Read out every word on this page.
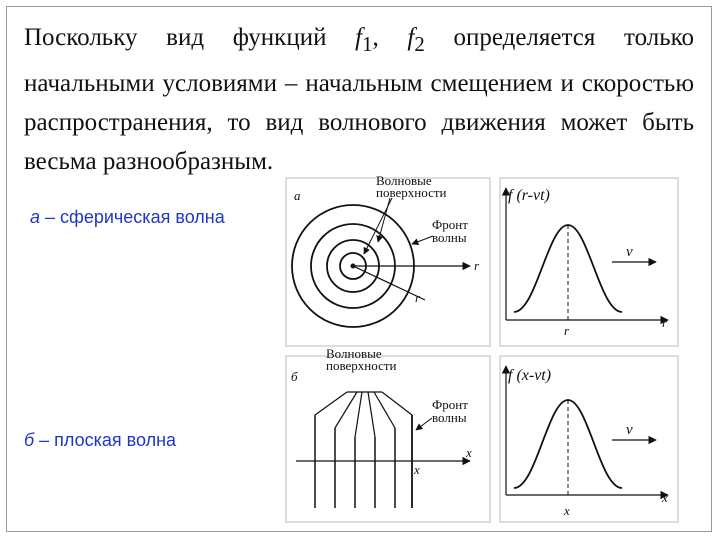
Поскольку вид функций $f_1$, $f_2$ определяется только начальными условиями – начальным смещением и скоростью распространения, то вид волнового движения может быть весьма разнообразным.

а – сферическая волна
б – плоская волна
а
Волновые
поверхности
Фронт
волны
r
r
f (r-vt)
v
r
r
б
Волновые
поверхности
Фронт
волны
x
x
f (x-vt)
v
x
x
